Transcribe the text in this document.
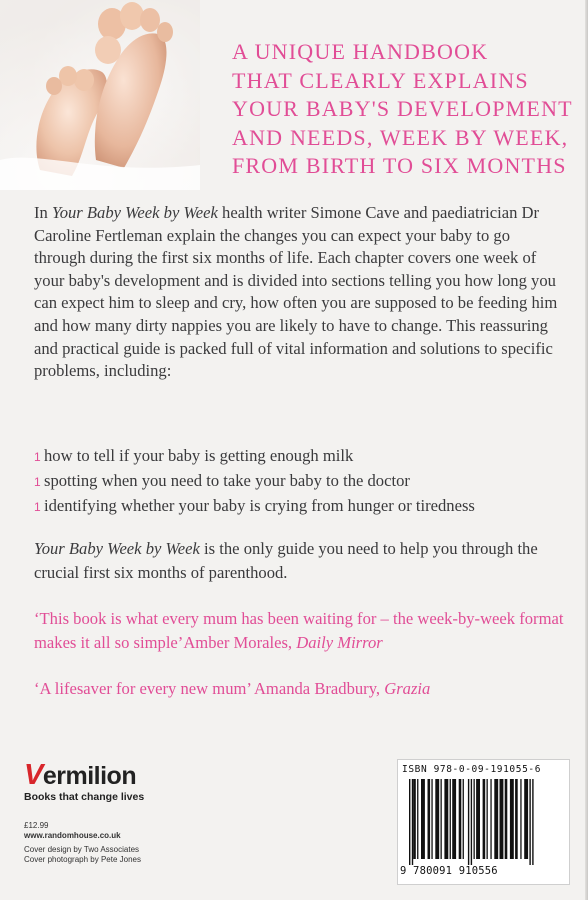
A UNIQUE HANDBOOK
THAT CLEARLY EXPLAINS
YOUR BABY'S DEVELOPMENT
AND NEEDS, WEEK BY WEEK,
FROM BIRTH TO SIX MONTHS

In Your Baby Week by Week health writer Simone Cave and paediatrician Dr Caroline Fertleman explain the changes you can expect your baby to go through during the first six months of life. Each chapter covers one week of your baby's development and is divided into sections telling you how long you can expect him to sleep and cry, how often you are supposed to be feeding him and how many dirty nappies you are likely to have to change. This reassuring and practical guide is packed full of vital information and solutions to specific problems, including:

1 how to tell if your baby is getting enough milk
1 spotting when you need to take your baby to the doctor
1 identifying whether your baby is crying from hunger or tiredness
Your Baby Week by Week is the only guide you need to help you through the crucial first six months of parenthood.
‘This book is what every mum has been waiting for – the week-by-week format makes it all so simple’Amber Morales, Daily Mirror
‘A lifesaver for every new mum’ Amanda Bradbury, Grazia
V ermilion
Books that change lives
£12.99
www.randomhouse.co.uk
Cover design by Two Associates
Cover photograph by Pete Jones
ISBN 978-0-09-191055-6
9 780091 910556
